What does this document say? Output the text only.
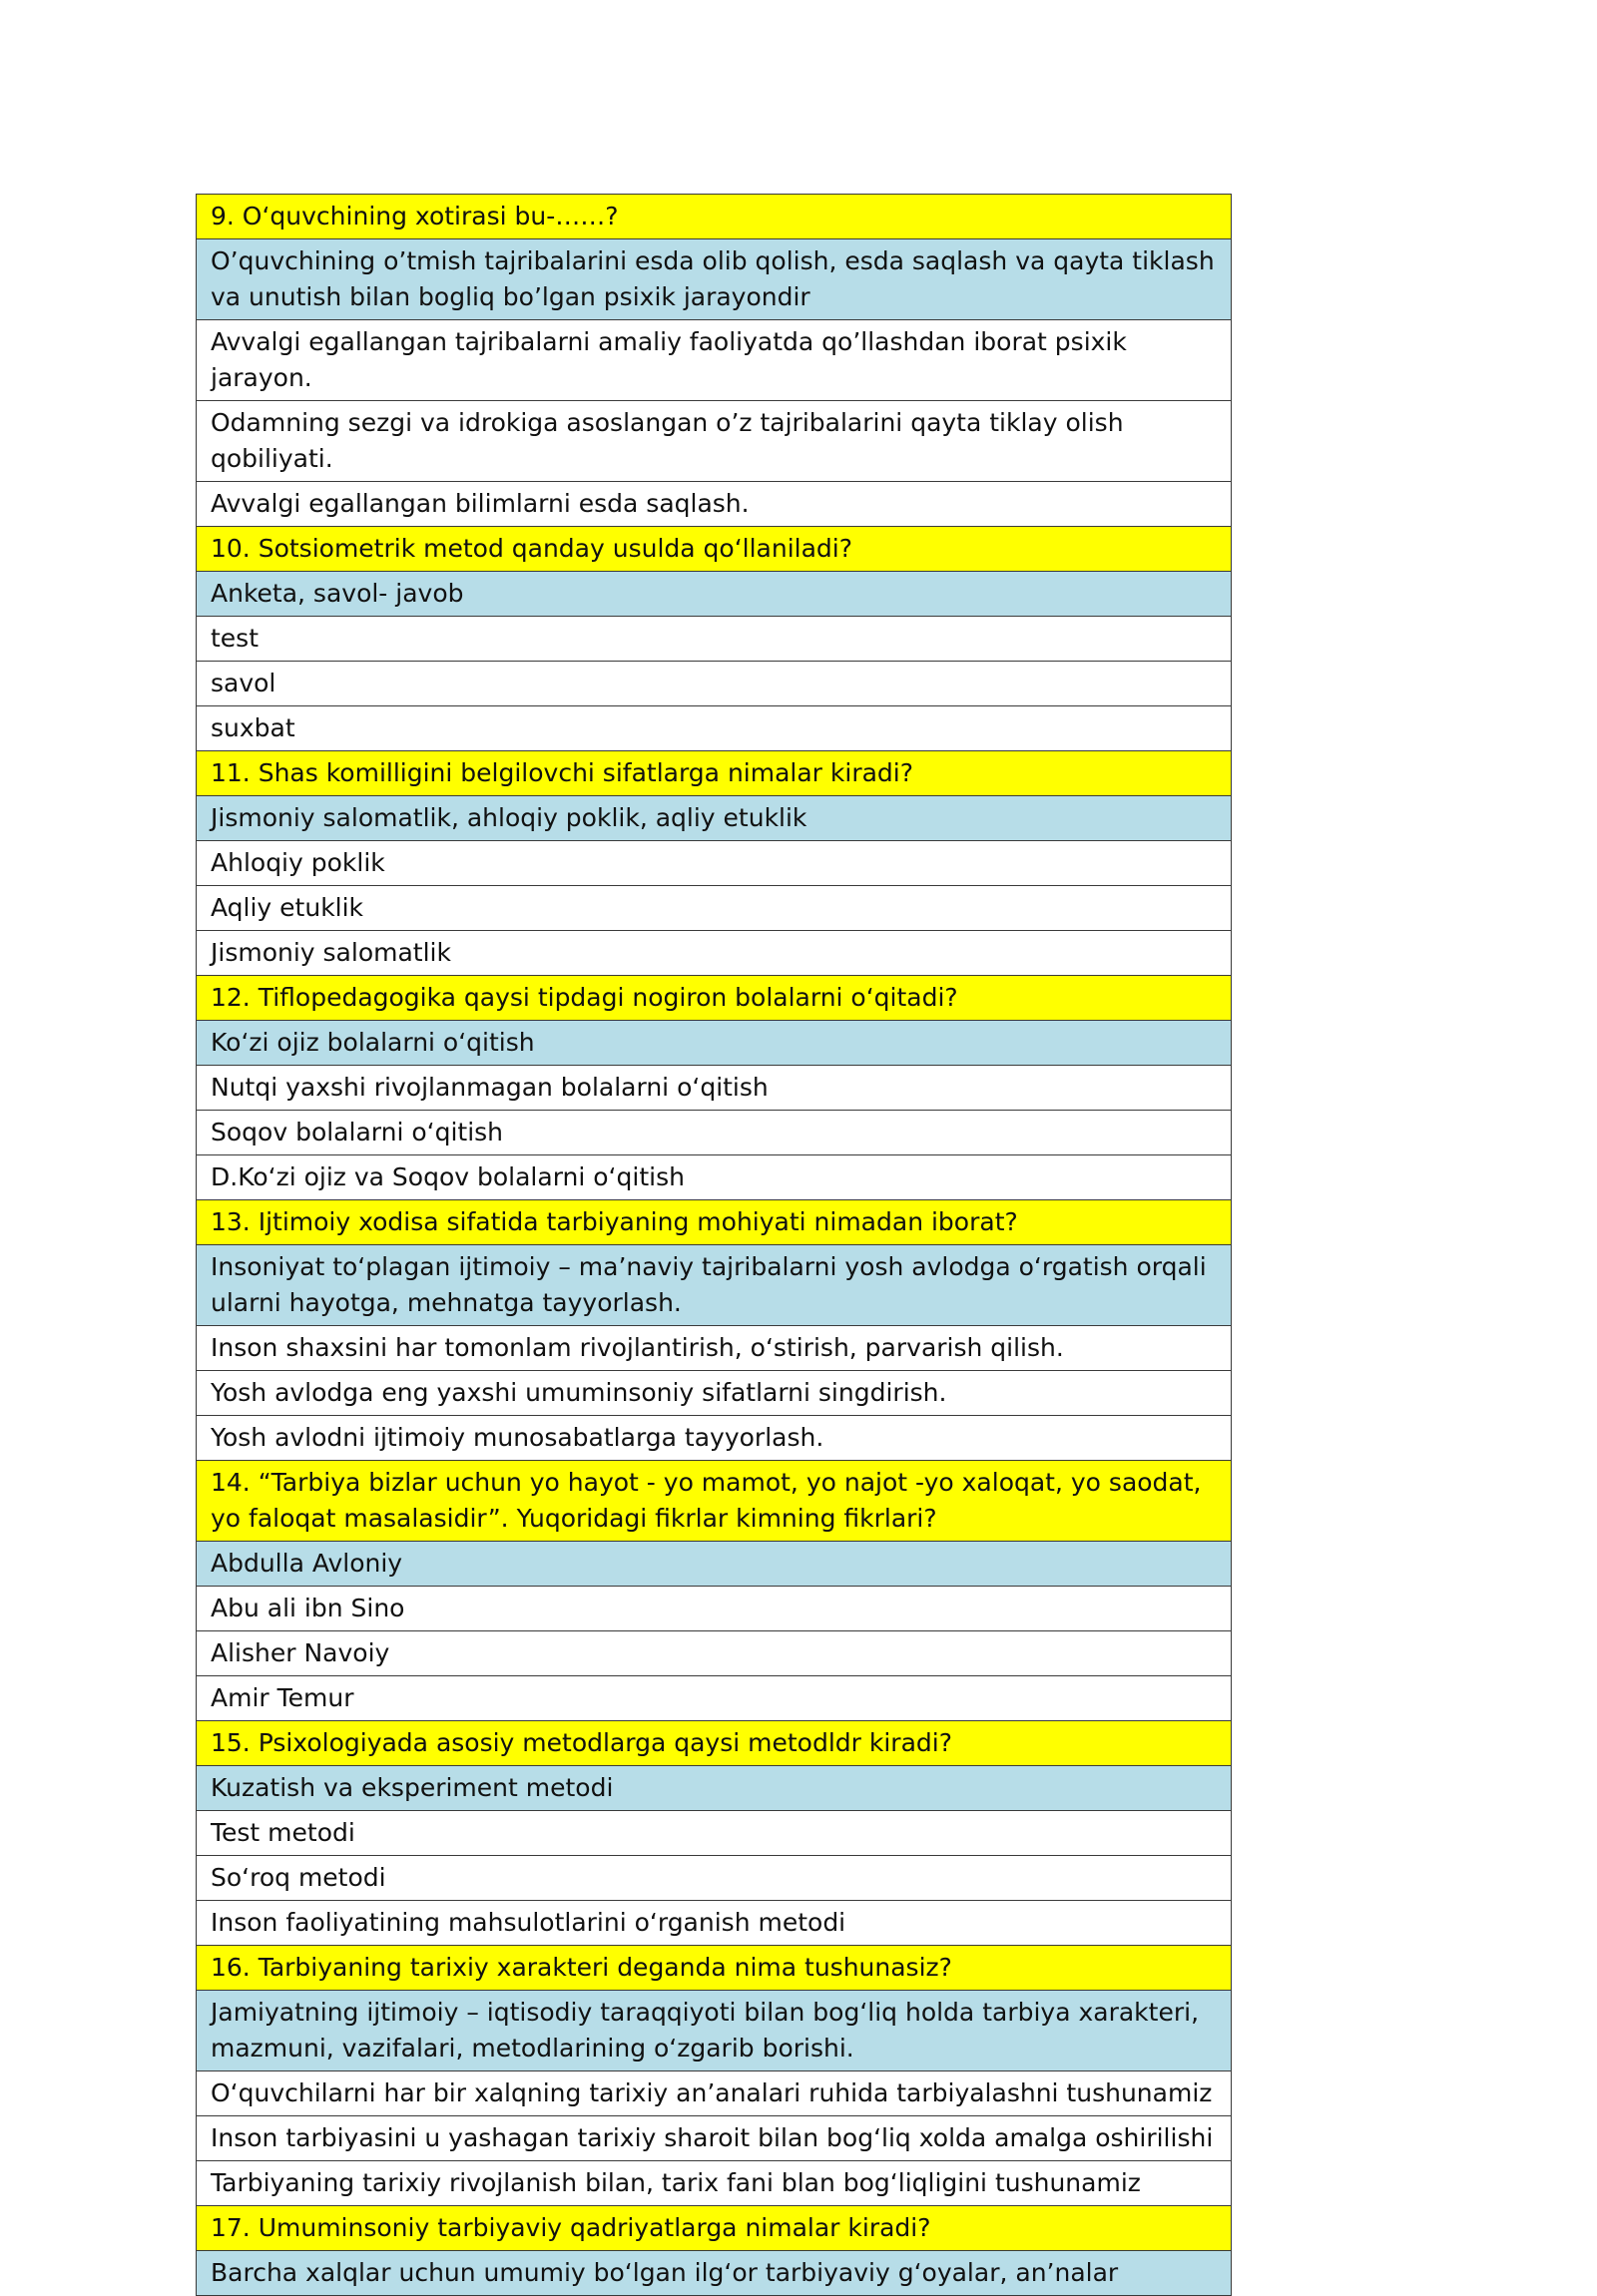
9. O‘quvchining xotirasi bu-……?
O’quvchining o’tmish tajribalarini esda olib qolish, esda saqlash va qayta tiklash va unutish bilan bogliq bo’lgan psixik jarayondir
Avvalgi egallangan tajribalarni amaliy faoliyatda qo’llashdan iborat psixik jarayon.
Odamning sezgi va idrokiga asoslangan o’z tajribalarini qayta tiklay olish qobiliyati.
Avvalgi egallangan bilimlarni esda saqlash.
10. Sotsiometrik metod qanday usulda qo‘llaniladi?
Anketa, savol- javob
test
savol
suxbat
11. Shas komilligini belgilovchi sifatlarga nimalar kiradi?
Jismoniy salomatlik, ahloqiy poklik, aqliy etuklik
Ahloqiy poklik
Aqliy etuklik
Jismoniy salomatlik
12. Tiflopedagogika qaysi tipdagi nogiron bolalarni o‘qitadi?
Ko‘zi ojiz bolalarni o‘qitish
Nutqi yaxshi rivojlanmagan bolalarni o‘qitish
Soqov bolalarni o‘qitish
D.Ko‘zi ojiz va Soqov bolalarni o‘qitish
13. Ijtimoiy xodisa sifatida tarbiyaning mohiyati nimadan iborat?
Insoniyat to‘plagan ijtimoiy – ma’naviy tajribalarni yosh avlodga o‘rgatish orqali ularni hayotga, mehnatga tayyorlash.
Inson shaxsini har tomonlam rivojlantirish, o‘stirish, parvarish qilish.
Yosh avlodga eng yaxshi umuminsoniy sifatlarni singdirish.
Yosh avlodni ijtimoiy munosabatlarga tayyorlash.
14. “Tarbiya bizlar uchun yo hayot - yo mamot, yo najot -yo xaloqat, yo saodat, yo faloqat masalasidir”. Yuqoridagi fikrlar kimning fikrlari?
Abdulla Avloniy
Abu ali ibn Sino
Alisher Navoiy
Amir Temur
15. Psixologiyada asosiy metodlarga qaysi metodldr kiradi?
Kuzatish va eksperiment metodi
Test metodi
So‘roq metodi
Inson faoliyatining mahsulotlarini o‘rganish metodi
16. Tarbiyaning tarixiy xarakteri deganda nima tushunasiz?
Jamiyatning ijtimoiy – iqtisodiy taraqqiyoti bilan bog‘liq holda tarbiya xarakteri, mazmuni, vazifalari, metodlarining o‘zgarib borishi.
O‘quvchilarni har bir xalqning tarixiy an’analari ruhida tarbiyalashni tushunamiz
Inson tarbiyasini u yashagan tarixiy sharoit bilan bog‘liq xolda amalga oshirilishi
Tarbiyaning tarixiy rivojlanish bilan, tarix fani blan bog‘liqligini tushunamiz
17. Umuminsoniy tarbiyaviy qadriyatlarga nimalar kiradi?
Barcha xalqlar uchun umumiy bo‘lgan ilg‘or tarbiyaviy g‘oyalar, an’nalar
